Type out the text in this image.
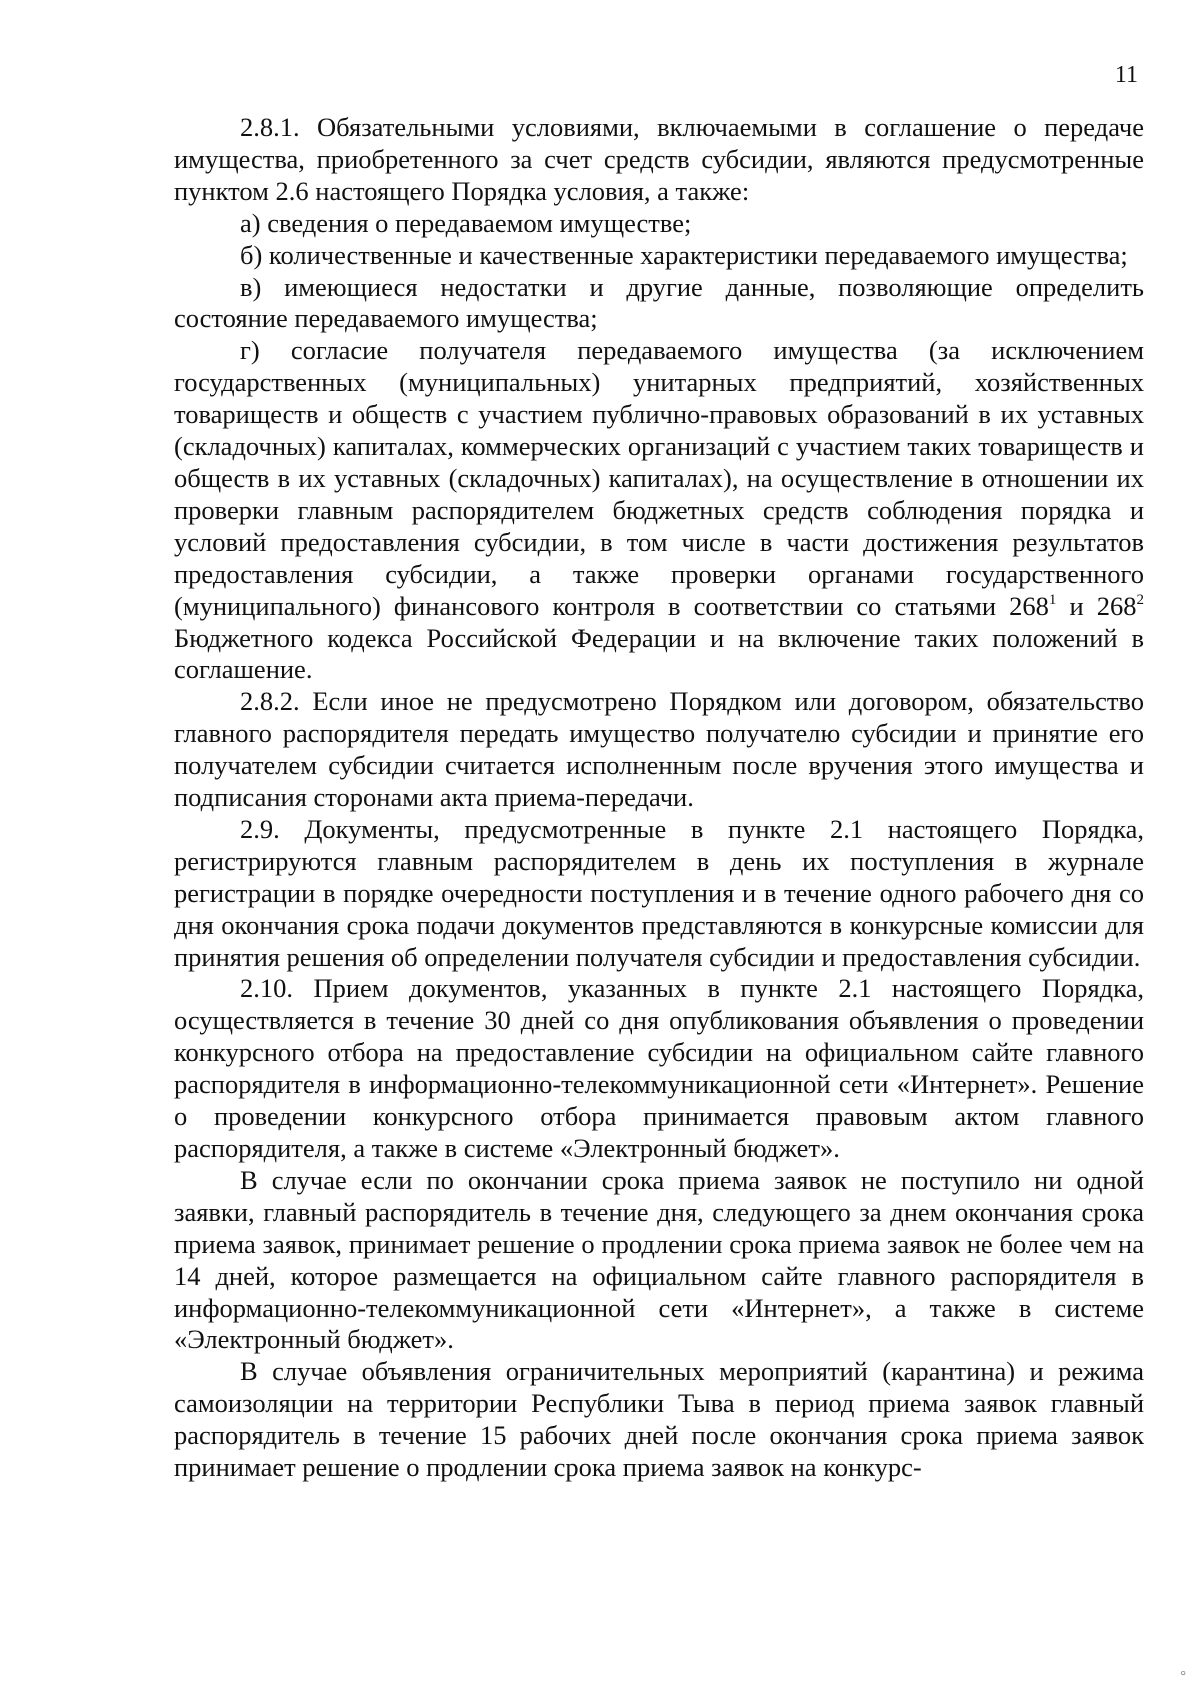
11

2.8.1. Обязательными условиями, включаемыми в соглашение о передаче имущества, приобретенного за счет средств субсидии, являются предусмотренные пунктом 2.6 настоящего Порядка условия, а также:

а) сведения о передаваемом имуществе;

б) количественные и качественные характеристики передаваемого имущества;

в) имеющиеся недостатки и другие данные, позволяющие определить состояние передаваемого имущества;

г) согласие получателя передаваемого имущества (за исключением государственных (муниципальных) унитарных предприятий, хозяйственных товариществ и обществ с участием публично-правовых образований в их уставных (складочных) капиталах, коммерческих организаций с участием таких товариществ и обществ в их уставных (складочных) капиталах), на осуществление в отношении их проверки главным распорядителем бюджетных средств соблюдения порядка и условий предоставления субсидии, в том числе в части достижения результатов предоставления субсидии, а также проверки органами государственного (муниципального) финансового контроля в соответствии со статьями $268^1$ и $268^2$ Бюджетного кодекса Российской Федерации и на включение таких положений в соглашение.

2.8.2. Если иное не предусмотрено Порядком или договором, обязательство главного распорядителя передать имущество получателю субсидии и принятие его получателем субсидии считается исполненным после вручения этого имущества и подписания сторонами акта приема-передачи.

2.9. Документы, предусмотренные в пункте 2.1 настоящего Порядка, регистрируются главным распорядителем в день их поступления в журнале регистрации в порядке очередности поступления и в течение одного рабочего дня со дня окончания срока подачи документов представляются в конкурсные комиссии для принятия решения об определении получателя субсидии и предоставления субсидии.

2.10. Прием документов, указанных в пункте 2.1 настоящего Порядка, осуществляется в течение 30 дней со дня опубликования объявления о проведении конкурсного отбора на предоставление субсидии на официальном сайте главного распорядителя в информационно-телекоммуникационной сети «Интернет». Решение о проведении конкурсного отбора принимается правовым актом главного распорядителя, а также в системе «Электронный бюджет».

В случае если по окончании срока приема заявок не поступило ни одной заявки, главный распорядитель в течение дня, следующего за днем окончания срока приема заявок, принимает решение о продлении срока приема заявок не более чем на 14 дней, которое размещается на официальном сайте главного распорядителя в информационно-телекоммуникационной сети «Интернет», а также в системе «Электронный бюджет».

В случае объявления ограничительных мероприятий (карантина) и режима самоизоляции на территории Республики Тыва в период приема заявок главный распорядитель в течение 15 рабочих дней после окончания срока приема заявок принимает решение о продлении срока приема заявок на конкурс-

°
